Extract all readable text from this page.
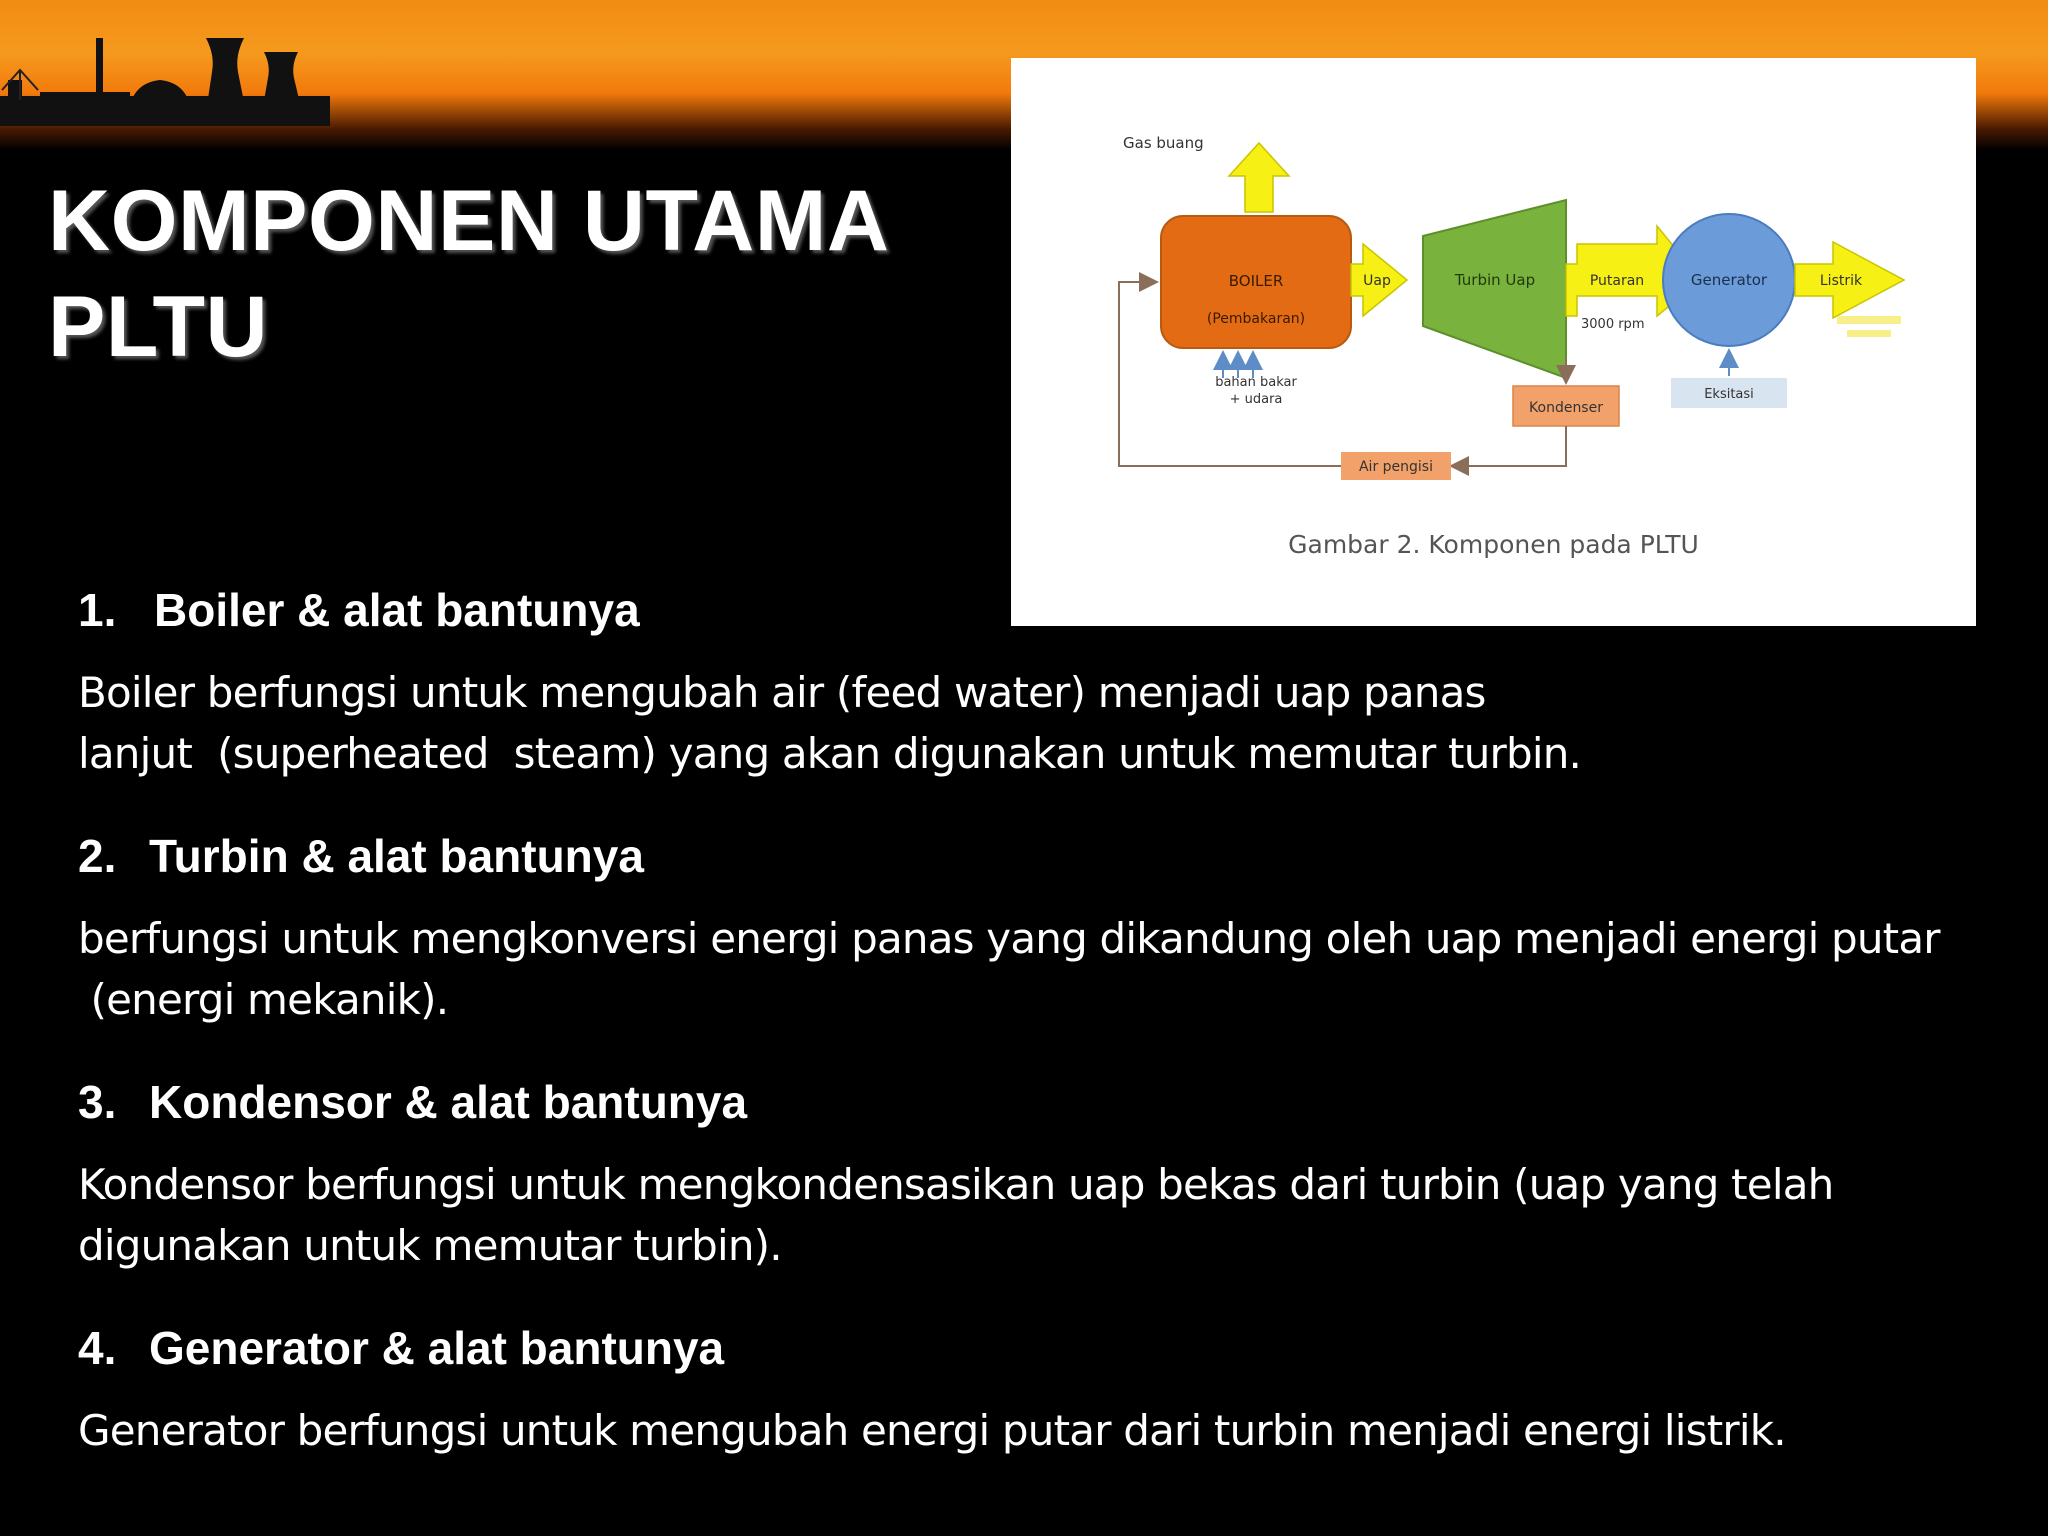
KOMPONEN UTAMA
PLTU
Gas buang
BOILER
(Pembakaran)
Uap	Turbin Uap	Putaran
3000 rpm
Generator	Listrik
bahan bakar
+ udara
Kondenser
Eksitasi
Air pengisi
Gambar 2. Komponen pada PLTU
1. Boiler & alat bantunya
Boiler berfungsi untuk mengubah air (feed water) menjadi uap panas
lanjut  (superheated  steam) yang akan digunakan untuk memutar turbin.
2. Turbin & alat bantunya
berfungsi untuk mengkonversi energi panas yang dikandung oleh uap menjadi energi putar
(energi mekanik).
3. Kondensor & alat bantunya
Kondensor berfungsi untuk mengkondensasikan uap bekas dari turbin (uap yang telah
digunakan untuk memutar turbin).
4. Generator & alat bantunya
Generator berfungsi untuk mengubah energi putar dari turbin menjadi energi listrik.
